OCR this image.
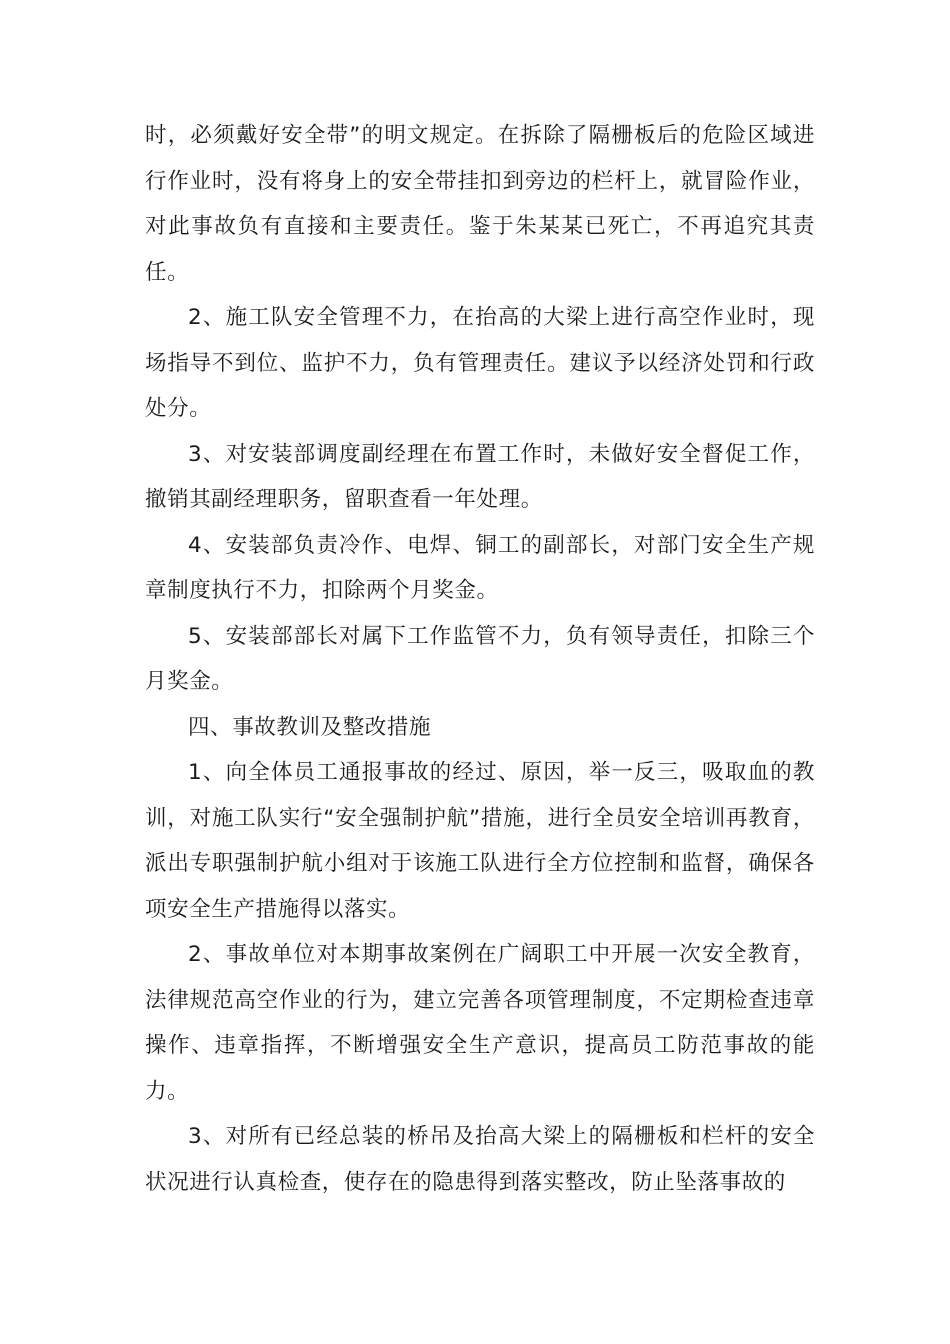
时，必须戴好安全带”的明文规定。在拆除了隔栅板后的危险区域进行作业时，没有将身上的安全带挂扣到旁边的栏杆上，就冒险作业，对此事故负有直接和主要责任。鉴于朱某某已死亡，不再追究其责任。

2、施工队安全管理不力，在抬高的大梁上进行高空作业时，现场指导不到位、监护不力，负有管理责任。建议予以经济处罚和行政处分。

3、对安装部调度副经理在布置工作时，未做好安全督促工作，撤销其副经理职务，留职查看一年处理。

4、安装部负责冷作、电焊、铜工的副部长，对部门安全生产规章制度执行不力，扣除两个月奖金。

5、安装部部长对属下工作监管不力，负有领导责任，扣除三个月奖金。

四、事故教训及整改措施

1、向全体员工通报事故的经过、原因，举一反三，吸取血的教训，对施工队实行“安全强制护航”措施，进行全员安全培训再教育，派出专职强制护航小组对于该施工队进行全方位控制和监督，确保各项安全生产措施得以落实。

2、事故单位对本期事故案例在广阔职工中开展一次安全教育，法律规范高空作业的行为，建立完善各项管理制度，不定期检查违章操作、违章指挥，不断增强安全生产意识，提高员工防范事故的能力。

3、对所有已经总装的桥吊及抬高大梁上的隔栅板和栏杆的安全状况进行认真检查，使存在的隐患得到落实整改，防止坠落事故的
